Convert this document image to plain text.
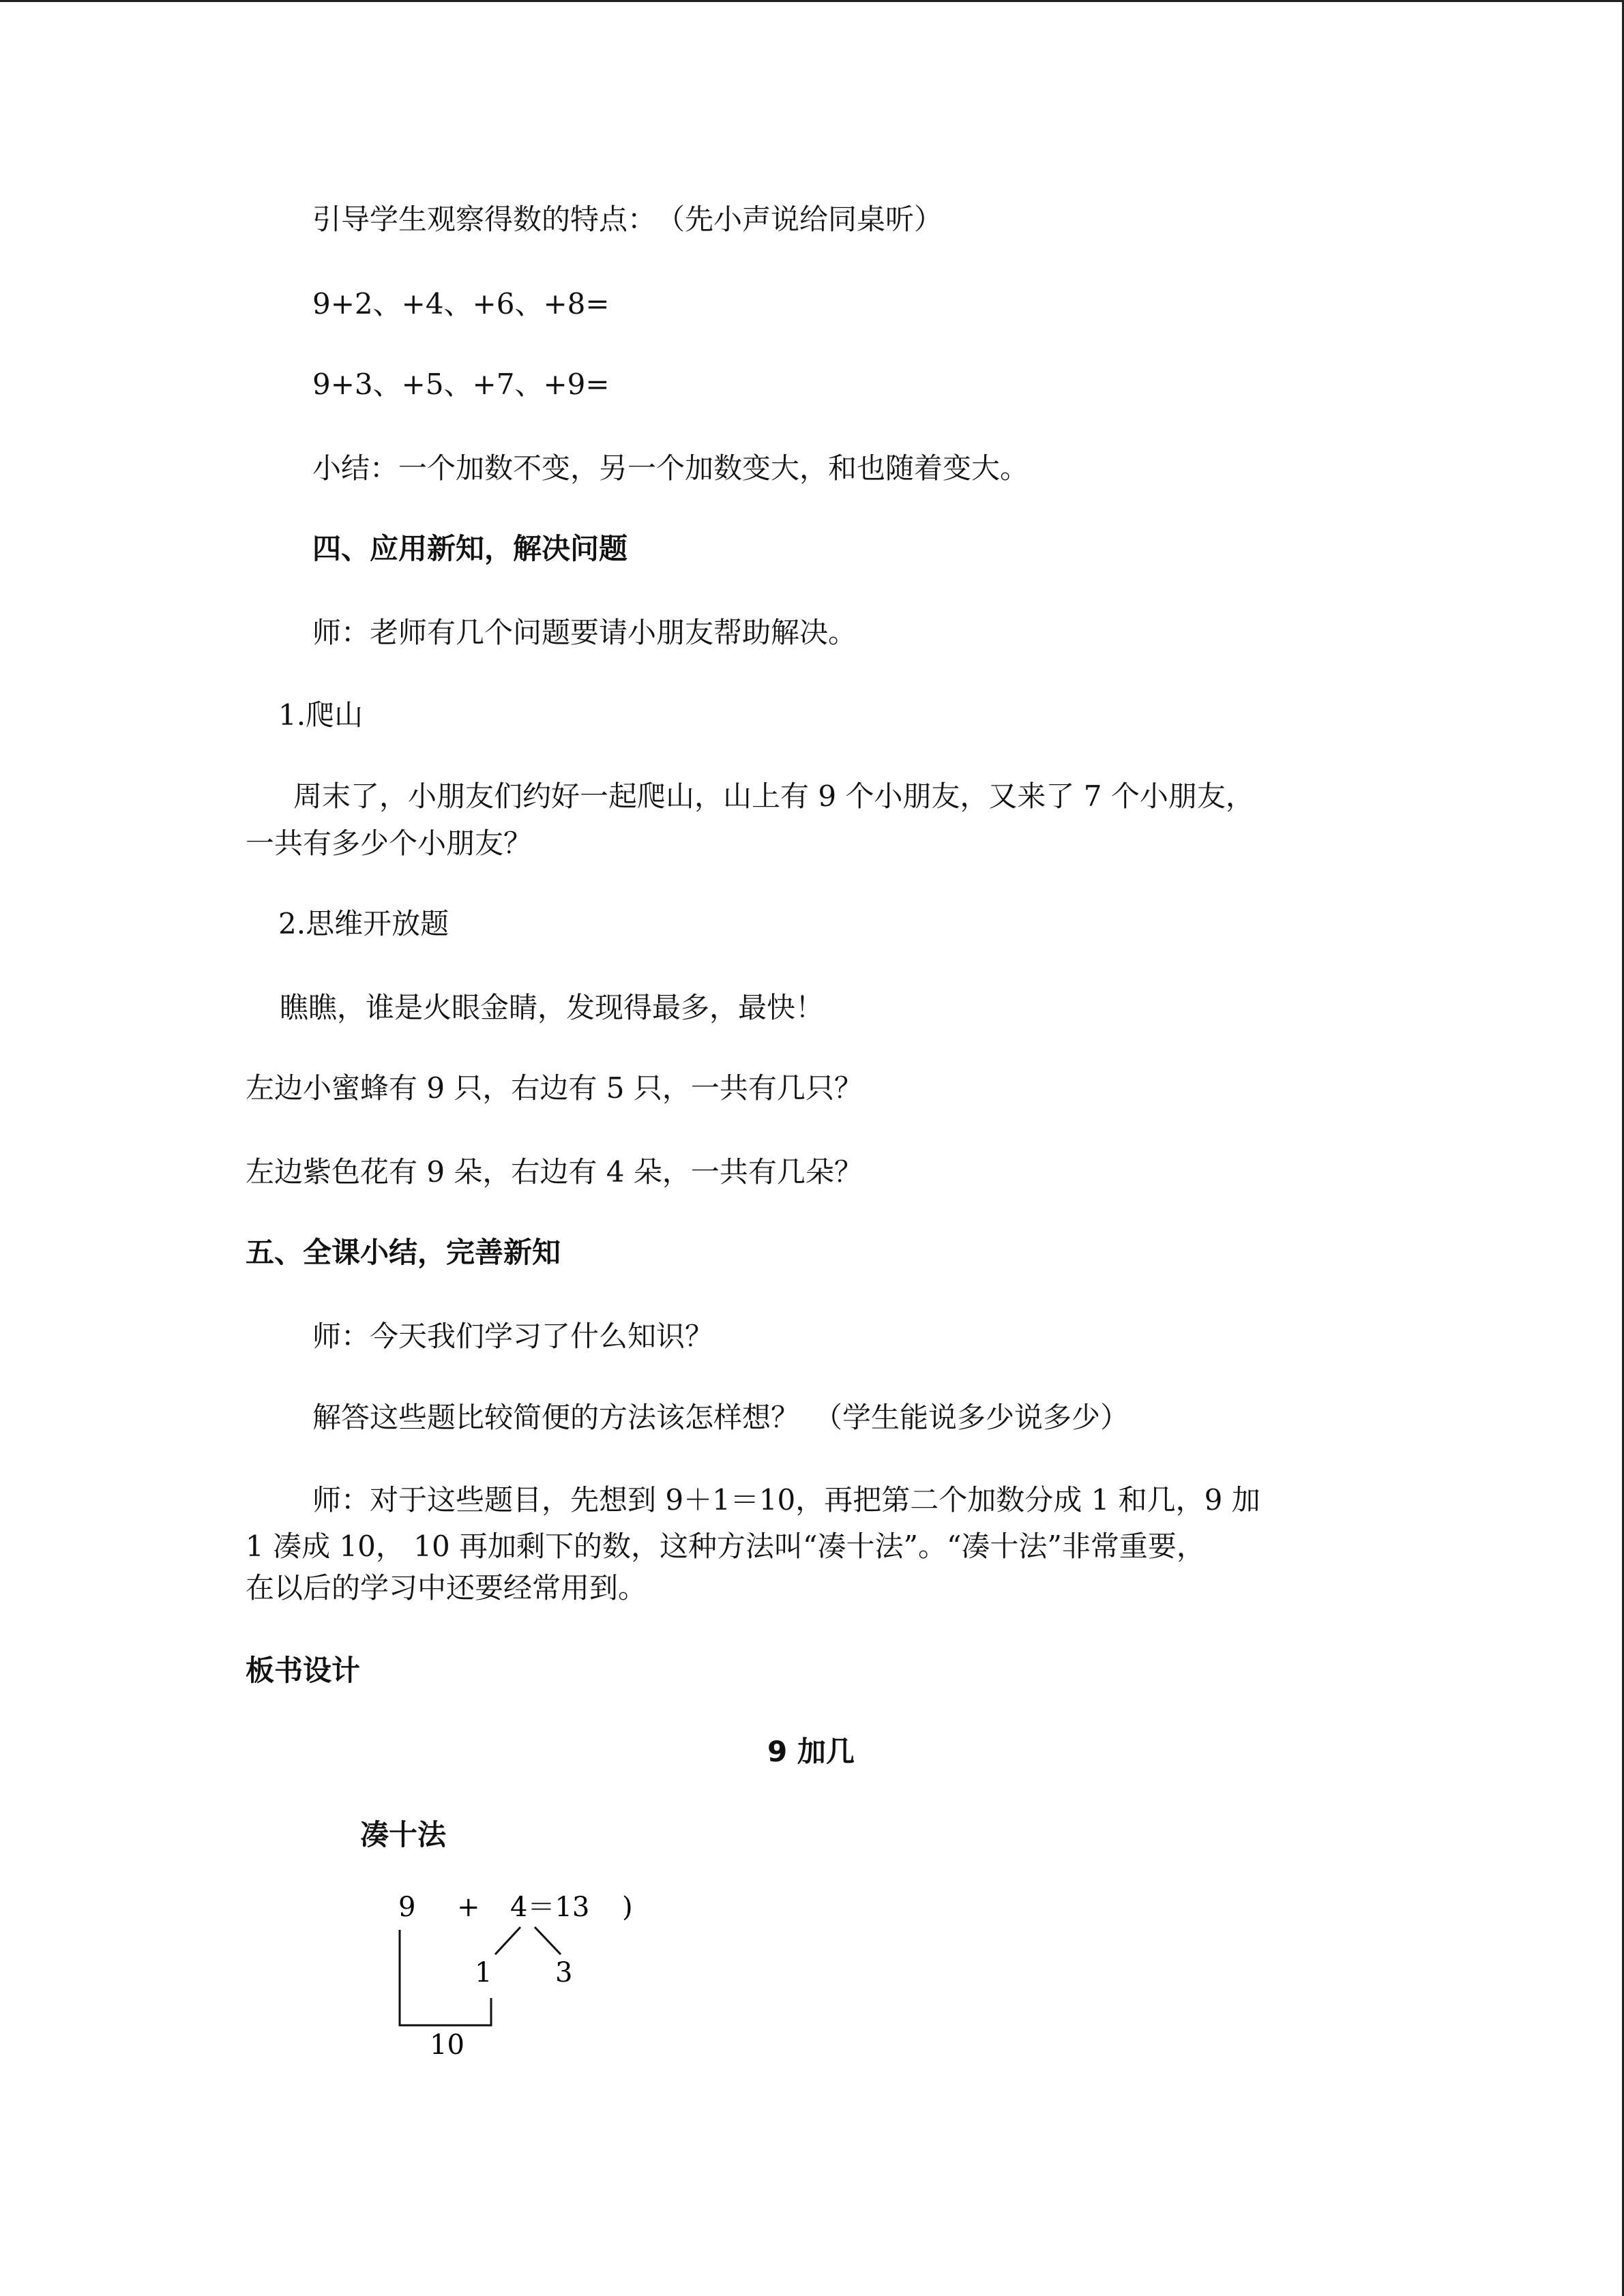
引导学生观察得数的特点：　（先小声说给同桌听）
9+2、+4、+6、+8=
9+3、+5、+7、+9=
小结：一个加数不变，另一个加数变大，和也随着变大。
四、应用新知，解决问题
师：老师有几个问题要请小朋友帮助解决。
1.爬山
周末了，小朋友们约好一起爬山，山上有 9 个小朋友，又来了 7 个小朋友，
一共有多少个小朋友？
2.思维开放题
瞧瞧，谁是火眼金睛，发现得最多，最快！
左边小蜜蜂有 9 只，右边有 5 只，一共有几只？
左边紫色花有 9 朵，右边有 4 朵，一共有几朵？
五、全课小结，完善新知
师：今天我们学习了什么知识？
解答这些题比较简便的方法该怎样想？　（学生能说多少说多少）
师：对于这些题目，先想到 9＋1＝10，再把第二个加数分成 1 和几，9 加
1 凑成 10， 10 再加剩下的数，这种方法叫“凑十法”。“凑十法”非常重要，
在以后的学习中还要经常用到。
板书设计
9 加几
凑十法
9 + 4＝13 )
1 3
10
